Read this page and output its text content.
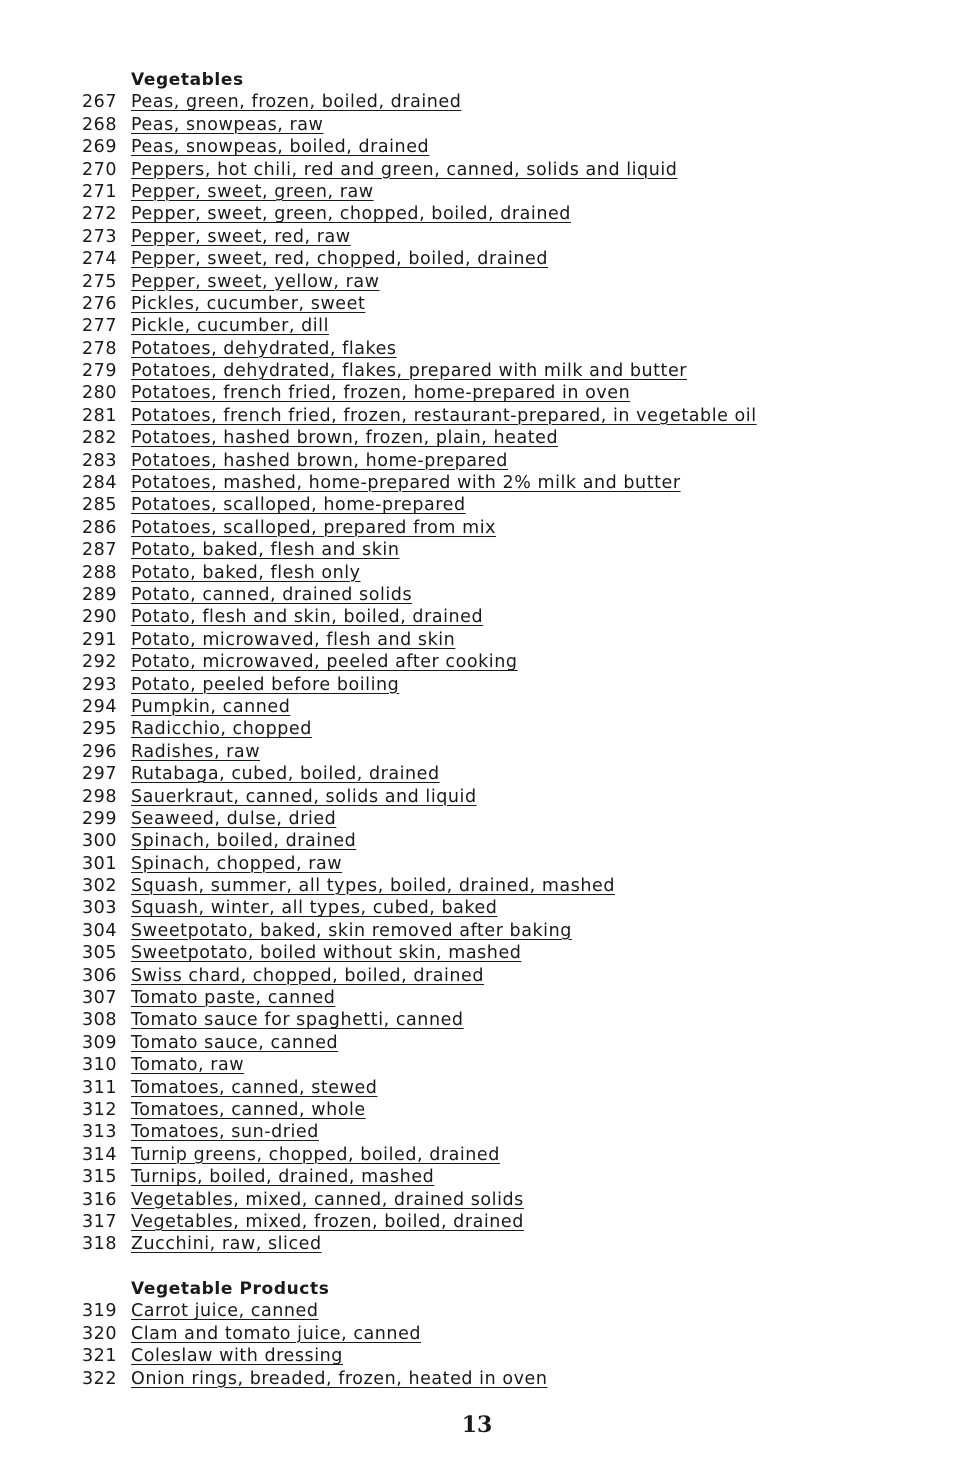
Vegetables
267 Peas, green, frozen, boiled, drained
268 Peas, snowpeas, raw
269 Peas, snowpeas, boiled, drained
270 Peppers, hot chili, red and green, canned, solids and liquid
271 Pepper, sweet, green, raw
272 Pepper, sweet, green, chopped, boiled, drained
273 Pepper, sweet, red, raw
274 Pepper, sweet, red, chopped, boiled, drained
275 Pepper, sweet, yellow, raw
276 Pickles, cucumber, sweet
277 Pickle, cucumber, dill
278 Potatoes, dehydrated, flakes
279 Potatoes, dehydrated, flakes, prepared with milk and butter
280 Potatoes, french fried, frozen, home-prepared in oven
281 Potatoes, french fried, frozen, restaurant-prepared, in vegetable oil
282 Potatoes, hashed brown, frozen, plain, heated
283 Potatoes, hashed brown, home-prepared
284 Potatoes, mashed, home-prepared with 2% milk and butter
285 Potatoes, scalloped, home-prepared
286 Potatoes, scalloped, prepared from mix
287 Potato, baked, flesh and skin
288 Potato, baked, flesh only
289 Potato, canned, drained solids
290 Potato, flesh and skin, boiled, drained
291 Potato, microwaved, flesh and skin
292 Potato, microwaved, peeled after cooking
293 Potato, peeled before boiling
294 Pumpkin, canned
295 Radicchio, chopped
296 Radishes, raw
297 Rutabaga, cubed, boiled, drained
298 Sauerkraut, canned, solids and liquid
299 Seaweed, dulse, dried
300 Spinach, boiled, drained
301 Spinach, chopped, raw
302 Squash, summer, all types, boiled, drained, mashed
303 Squash, winter, all types, cubed, baked
304 Sweetpotato, baked, skin removed after baking
305 Sweetpotato, boiled without skin, mashed
306 Swiss chard, chopped, boiled, drained
307 Tomato paste, canned
308 Tomato sauce for spaghetti, canned
309 Tomato sauce, canned
310 Tomato, raw
311 Tomatoes, canned, stewed
312 Tomatoes, canned, whole
313 Tomatoes, sun-dried
314 Turnip greens, chopped, boiled, drained
315 Turnips, boiled, drained, mashed
316 Vegetables, mixed, canned, drained solids
317 Vegetables, mixed, frozen, boiled, drained
318 Zucchini, raw, sliced
Vegetable Products
319 Carrot juice, canned
320 Clam and tomato juice, canned
321 Coleslaw with dressing
322 Onion rings, breaded, frozen, heated in oven

13
